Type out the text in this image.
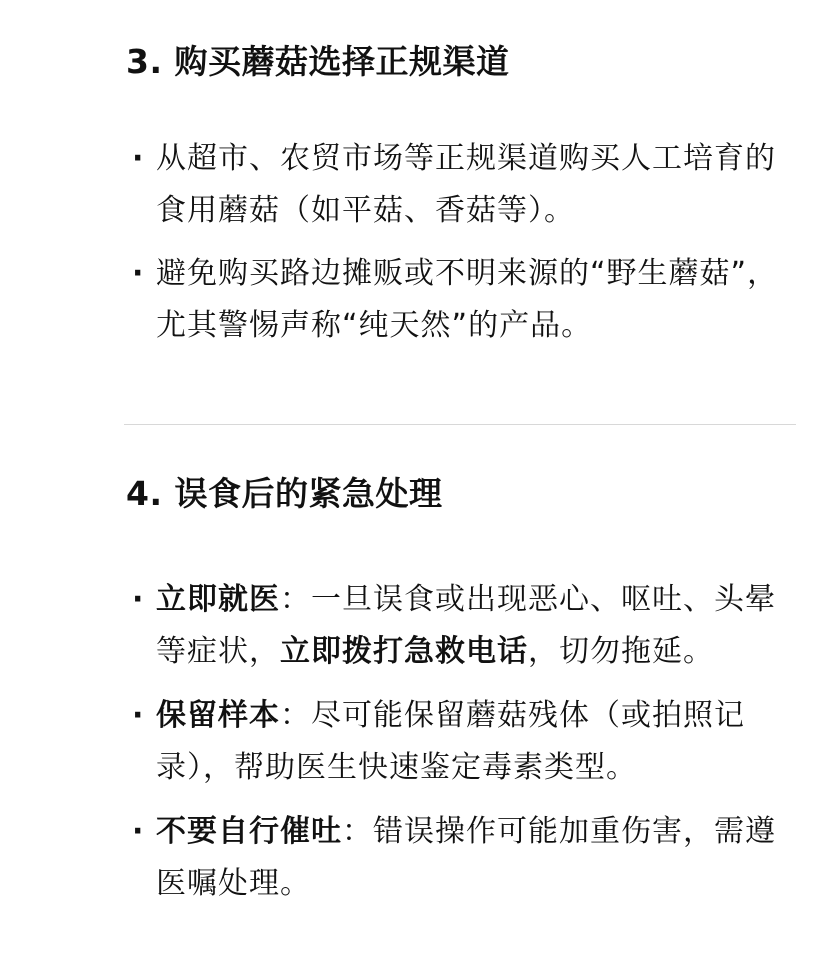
3. 购买蘑菇选择正规渠道
· 从超市、农贸市场等正规渠道购买人工培育的食用蘑菇（如平菇、香菇等）。
· 避免购买路边摊贩或不明来源的“野生蘑菇”，尤其警惕声称“纯天然”的产品。
4. 误食后的紧急处理
· 立即就医：一旦误食或出现恶心、呕吐、头晕等症状，立即拨打急救电话，切勿拖延。
· 保留样本：尽可能保留蘑菇残体（或拍照记录），帮助医生快速鉴定毒素类型。
· 不要自行催吐：错误操作可能加重伤害，需遵医嘱处理。
